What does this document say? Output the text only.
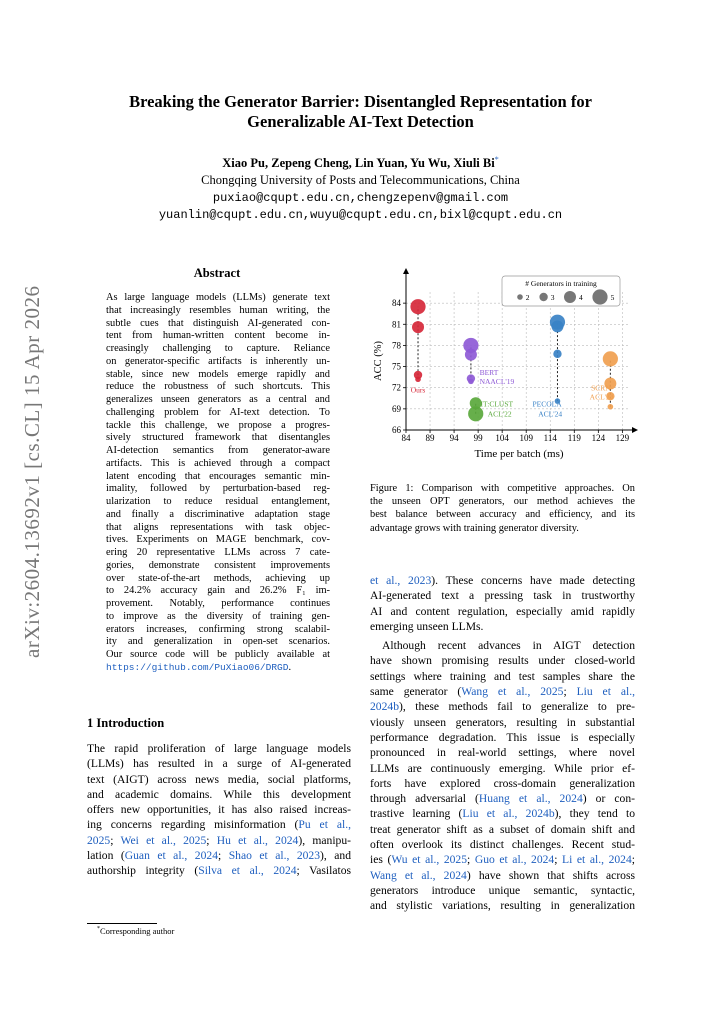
Breaking the Generator Barrier: Disentangled Representation for
Generalizable AI-Text Detection
Xiao Pu, Zepeng Cheng, Lin Yuan, Yu Wu, Xiuli Bi*
Chongqing University of Posts and Telecommunications, China
puxiao@cqupt.edu.cn,chengzepenv@gmail.com
yuanlin@cqupt.edu.cn,wuyu@cqupt.edu.cn,bixl@cqupt.edu.cn
arXiv:2604.13692v1 [cs.CL] 15 Apr 2026
Abstract
As large language models (LLMs) generate text
that increasingly resembles human writing, the
subtle cues that distinguish AI-generated con-
tent from human-written content become in-
creasingly challenging to capture. Reliance
on generator-specific artifacts is inherently un-
stable, since new models emerge rapidly and
reduce the robustness of such shortcuts. This
generalizes unseen generators as a central and
challenging problem for AI-text detection. To
tackle this challenge, we propose a progres-
sively structured framework that disentangles
AI-detection semantics from generator-aware
artifacts. This is achieved through a compact
latent encoding that encourages semantic min-
imality, followed by perturbation-based reg-
ularization to reduce residual entanglement,
and finally a discriminative adaptation stage
that aligns representations with task objec-
tives. Experiments on MAGE benchmark, cov-
ering 20 representative LLMs across 7 cate-
gories, demonstrate consistent improvements
over state-of-the-art methods, achieving up
to 24.2% accuracy gain and 26.2% F₁ im-
provement. Notably, performance continues
to improve as the diversity of training gen-
erators increases, confirming strong scalabil-
ity and generalization in open-set scenarios.
Our source code will be publicly available at
https://github.com/PuXiao06/DRGD.
1 Introduction
The rapid proliferation of large language models
(LLMs) has resulted in a surge of AI-generated
text (AIGT) across news media, social platforms,
and academic domains. While this development
offers new opportunities, it has also raised increas-
ing concerns regarding misinformation (Pu et al.,
2025; Wei et al., 2025; Hu et al., 2024), manipu-
lation (Guan et al., 2024; Shao et al., 2023), and
authorship integrity (Silva et al., 2024; Vasilatos
*Corresponding author
84 89 94 99 104 109 114 119 124 129
66
69
72
75
78
81
84
Time per batch (ms)
ACC (%)
Ours
BERT
NAACL'19
IT:CLUST
ACL'22
PECOLA
ACL'24
SCRN
ACL'24
# Generators in training
2	3	4	5
Figure 1: Comparison with competitive approaches. On
the unseen OPT generators, our method achieves the
best balance between accuracy and efficiency, and its
advantage grows with training generator diversity.
et al., 2023). These concerns have made detecting
AI-generated text a pressing task in trustworthy
AI and content regulation, especially amid rapidly
emerging unseen LLMs.
Although recent advances in AIGT detection
have shown promising results under closed-world
settings where training and test samples share the
same generator (Wang et al., 2025; Liu et al.,
2024b), these methods fail to generalize to pre-
viously unseen generators, resulting in substantial
performance degradation. This issue is especially
pronounced in real-world settings, where novel
LLMs are continuously emerging. While prior ef-
forts have explored cross-domain generalization
through adversarial (Huang et al., 2024) or con-
trastive learning (Liu et al., 2024b), they tend to
treat generator shift as a subset of domain shift and
often overlook its distinct challenges. Recent stud-
ies (Wu et al., 2025; Guo et al., 2024; Li et al., 2024;
Wang et al., 2024) have shown that shifts across
generators introduce unique semantic, syntactic,
and stylistic variations, resulting in generalization
